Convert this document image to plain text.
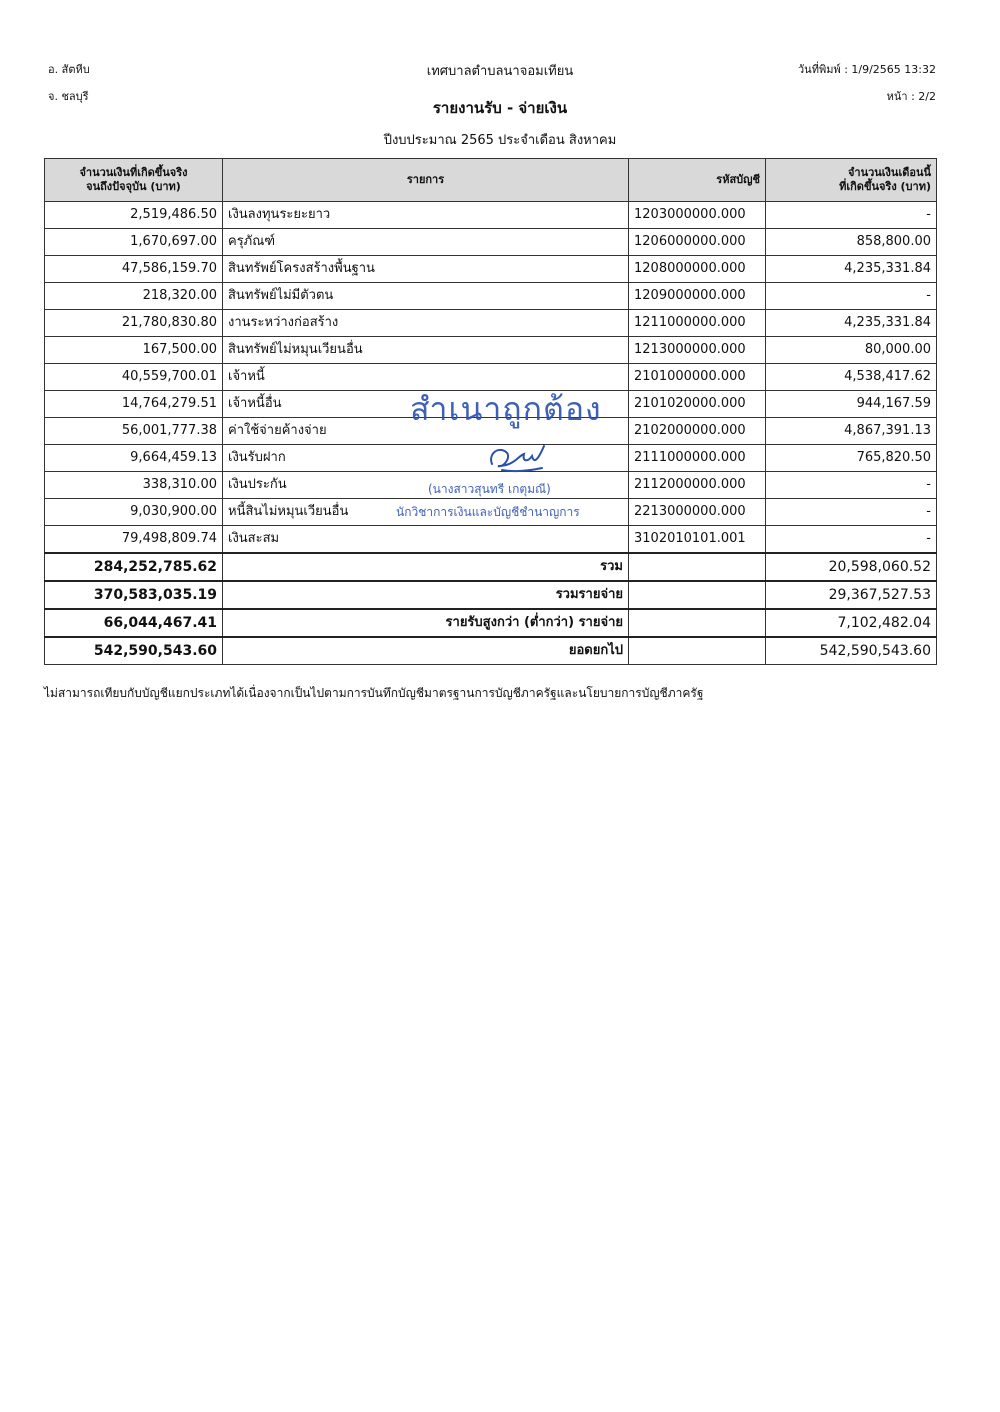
อ. สัตหีบ
จ. ชลบุรี
เทศบาลตำบลนาจอมเทียน
รายงานรับ - จ่ายเงิน
ปีงบประมาณ 2565 ประจำเดือน สิงหาคม
วันที่พิมพ์ : 1/9/2565 13:32
หน้า : 2/2
จำนวนเงินที่เกิดขึ้นจริง
จนถึงปัจจุบัน (บาท)	รายการ	รหัสบัญชี	จำนวนเงินเดือนนี้
ที่เกิดขึ้นจริง (บาท)
2,519,486.50	เงินลงทุนระยะยาว	1203000000.000	-
1,670,697.00	ครุภัณฑ์	1206000000.000	858,800.00
47,586,159.70	สินทรัพย์โครงสร้างพื้นฐาน	1208000000.000	4,235,331.84
218,320.00	สินทรัพย์ไม่มีตัวตน	1209000000.000	-
21,780,830.80	งานระหว่างก่อสร้าง	1211000000.000	4,235,331.84
167,500.00	สินทรัพย์ไม่หมุนเวียนอื่น	1213000000.000	80,000.00
40,559,700.01	เจ้าหนี้	2101000000.000	4,538,417.62
14,764,279.51	เจ้าหนี้อื่น	2101020000.000	944,167.59
56,001,777.38	ค่าใช้จ่ายค้างจ่าย	2102000000.000	4,867,391.13
9,664,459.13	เงินรับฝาก	2111000000.000	765,820.50
338,310.00	เงินประกัน	2112000000.000	-
9,030,900.00	หนี้สินไม่หมุนเวียนอื่น	2213000000.000	-
79,498,809.74	เงินสะสม	3102010101.001	-
284,252,785.62	รวม		20,598,060.52
370,583,035.19	รวมรายจ่าย		29,367,527.53
66,044,467.41	รายรับสูงกว่า (ต่ำกว่า) รายจ่าย		7,102,482.04
542,590,543.60	ยอดยกไป		542,590,543.60
สำเนาถูกต้อง
(นางสาวสุนทรี เกตุมณี)
นักวิชาการเงินและบัญชีชำนาญการ
ไม่สามารถเทียบกับบัญชีแยกประเภทได้เนื่องจากเป็นไปตามการบันทึกบัญชีมาตรฐานการบัญชีภาครัฐและนโยบายการบัญชีภาครัฐ
